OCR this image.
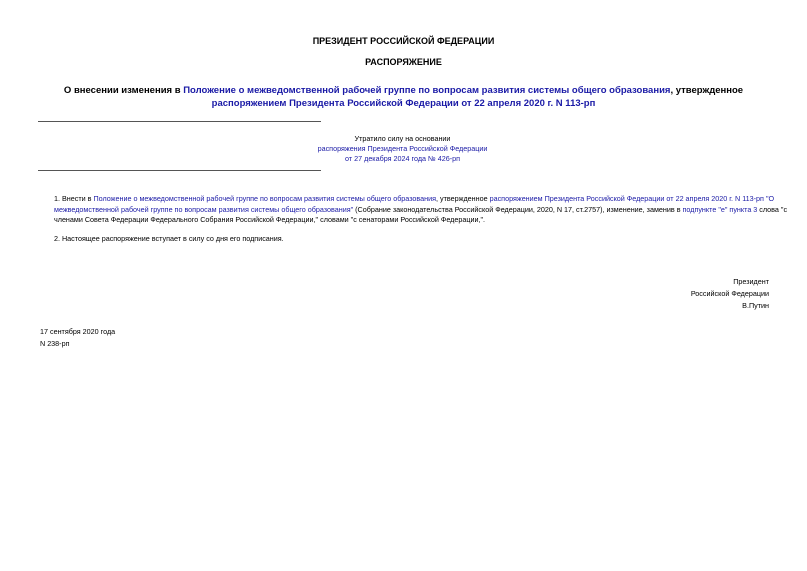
ПРЕЗИДЕНТ РОССИЙСКОЙ ФЕДЕРАЦИИ
РАСПОРЯЖЕНИЕ
О внесении изменения в Положение о межведомственной рабочей группе по вопросам развития системы общего образования, утвержденное распоряжением Президента Российской Федерации от 22 апреля 2020 г. N 113-рп
Утратило силу на основании
распоряжения Президента Российской Федерации
от 27 декабря 2024 года № 426-рп
1. Внести в Положение о межведомственной рабочей группе по вопросам развития системы общего образования, утвержденное распоряжением Президента Российской Федерации от 22 апреля 2020 г. N 113-рп "О межведомственной рабочей группе по вопросам развития системы общего образования" (Собрание законодательства Российской Федерации, 2020, N 17, ст.2757), изменение, заменив в подпункте "е" пункта 3 слова "с членами Совета Федерации Федерального Собрания Российской Федерации," словами "с сенаторами Российской Федерации,".
2. Настоящее распоряжение вступает в силу со дня его подписания.
Президент
Российской Федерации
В.Путин
17 сентября 2020 года
N 238-рп
